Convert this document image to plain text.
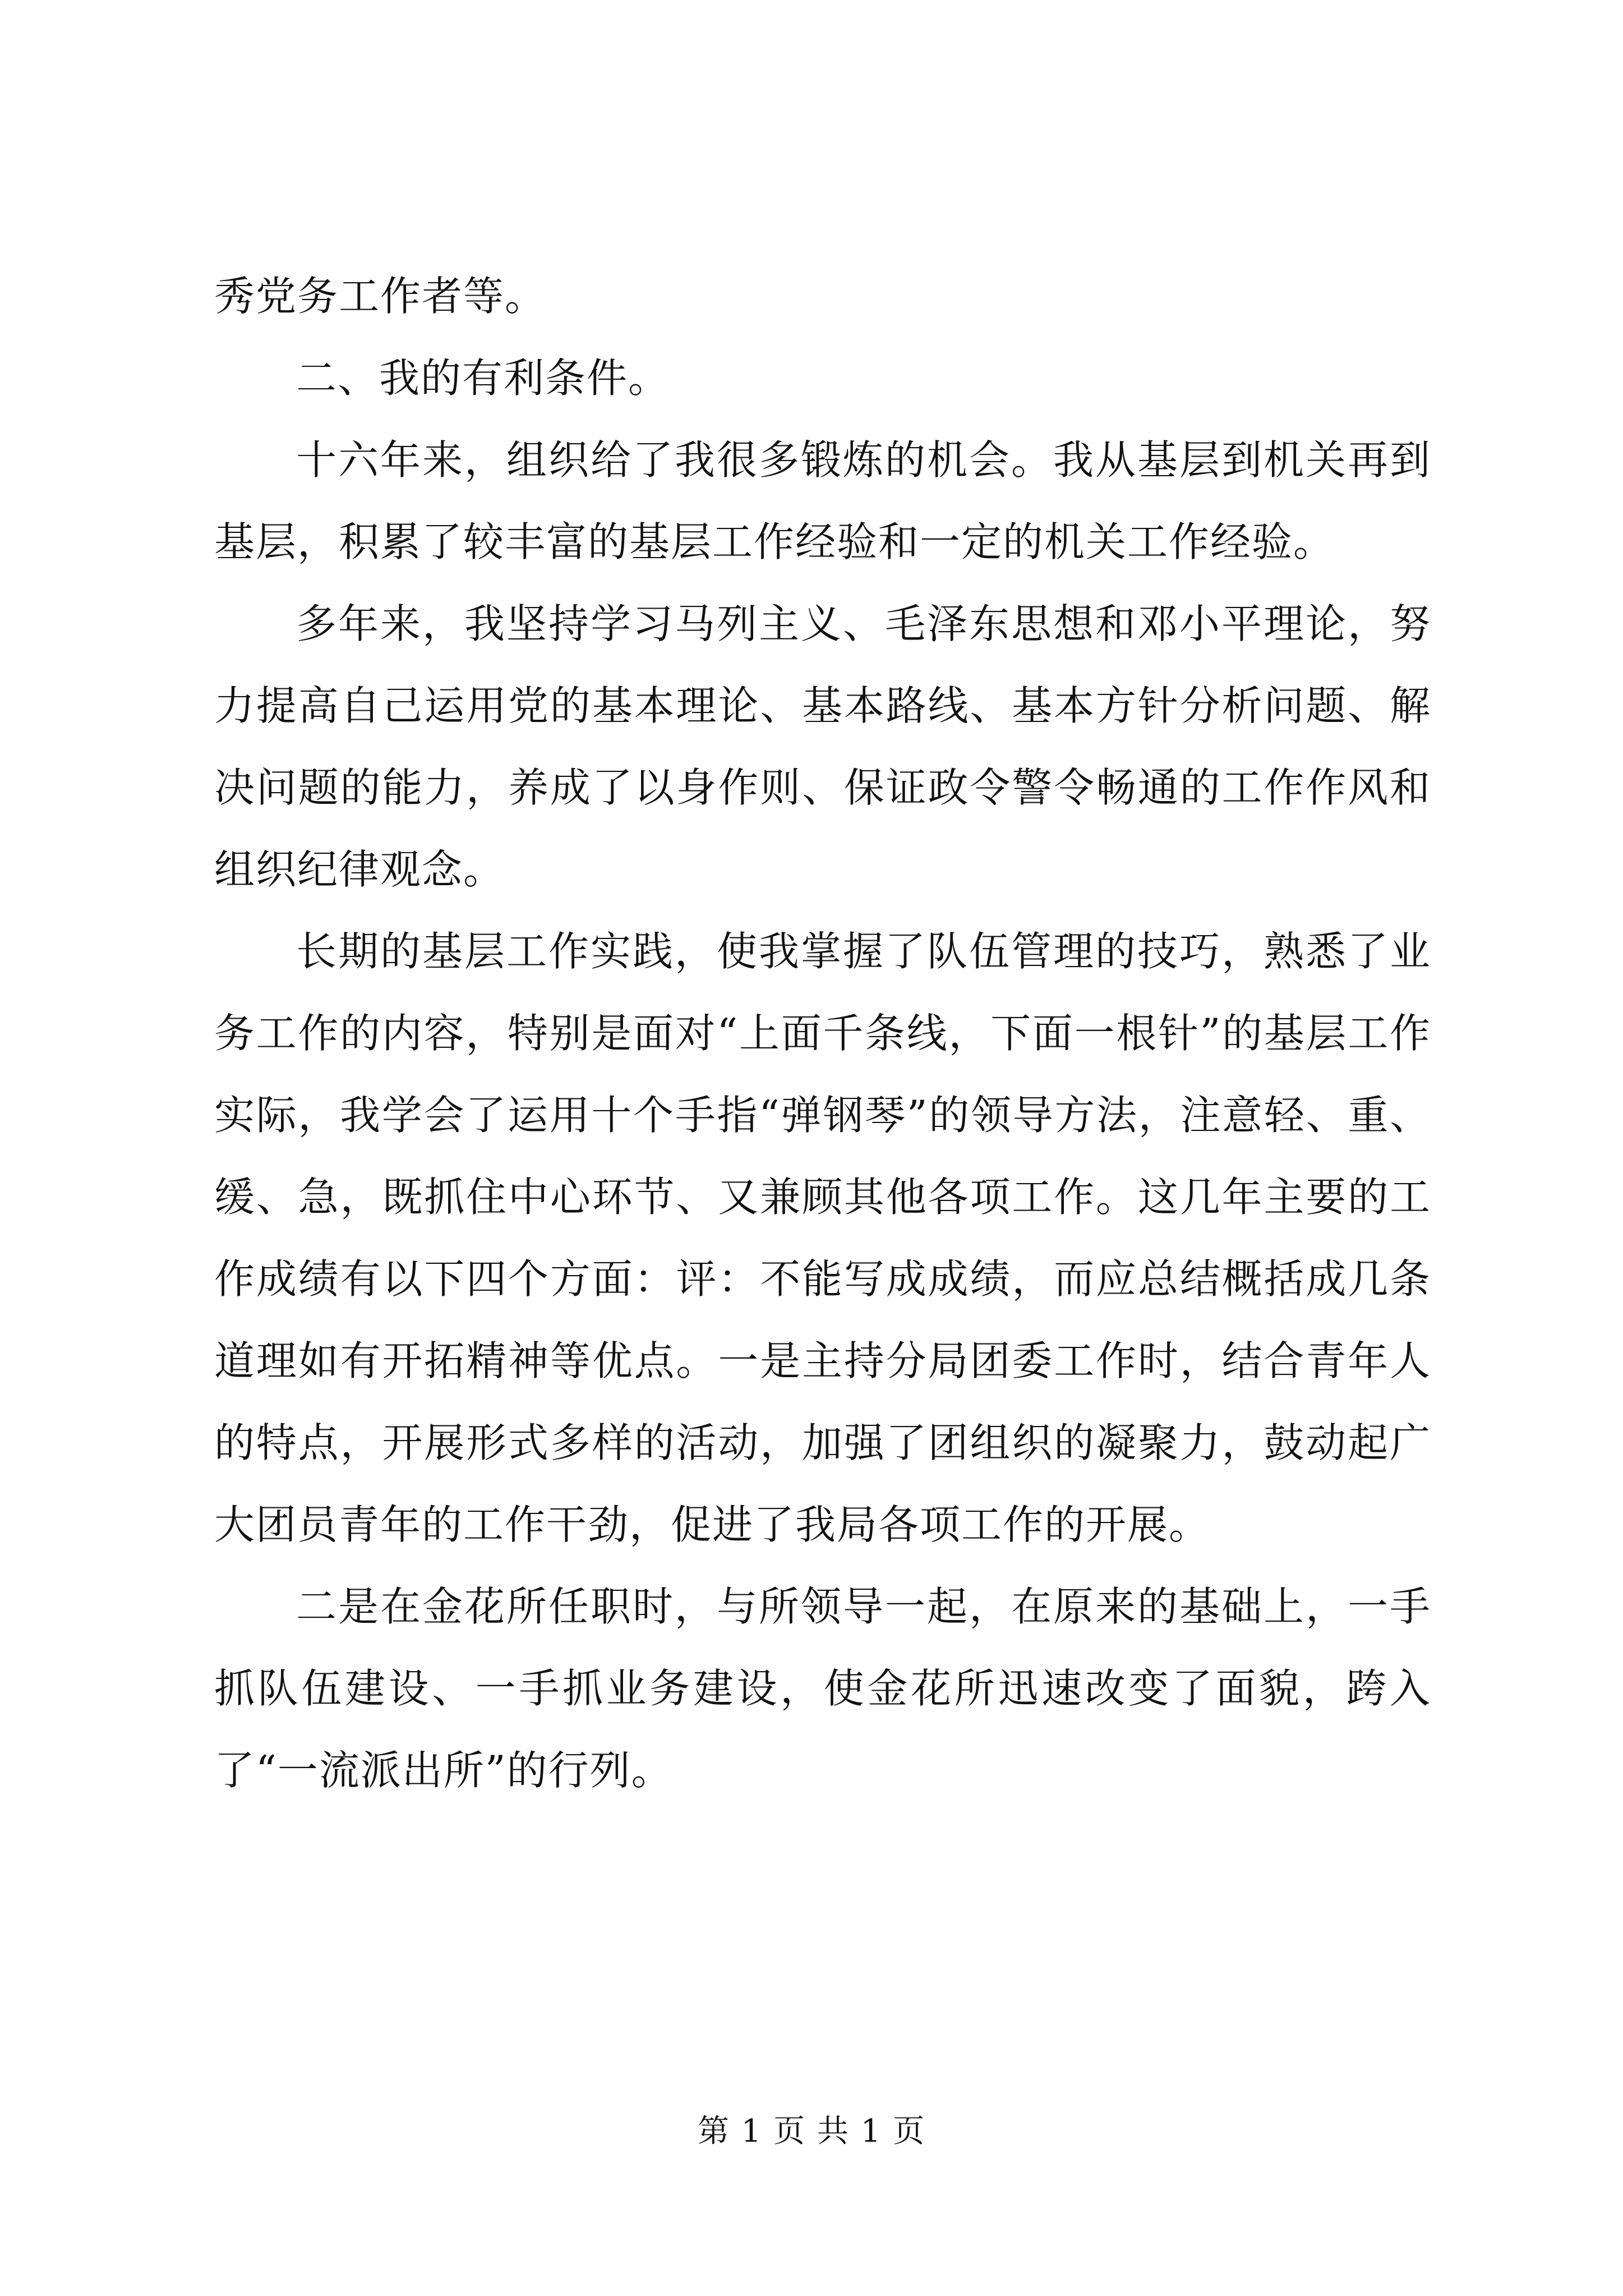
秀党务工作者等。

二、我的有利条件。

十六年来，组织给了我很多锻炼的机会。我从基层到机关再到基层，积累了较丰富的基层工作经验和一定的机关工作经验。

多年来，我坚持学习马列主义、毛泽东思想和邓小平理论，努力提高自己运用党的基本理论、基本路线、基本方针分析问题、解决问题的能力，养成了以身作则、保证政令警令畅通的工作作风和组织纪律观念。

长期的基层工作实践，使我掌握了队伍管理的技巧，熟悉了业务工作的内容，特别是面对“上面千条线，下面一根针”的基层工作实际，我学会了运用十个手指“弹钢琴”的领导方法，注意轻、重、缓、急，既抓住中心环节、又兼顾其他各项工作。这几年主要的工作成绩有以下四个方面：评：不能写成成绩，而应总结概括成几条道理如有开拓精神等优点。一是主持分局团委工作时，结合青年人的特点，开展形式多样的活动，加强了团组织的凝聚力，鼓动起广大团员青年的工作干劲，促进了我局各项工作的开展。

二是在金花所任职时，与所领导一起，在原来的基础上，一手抓队伍建设、一手抓业务建设，使金花所迅速改变了面貌，跨入了“一流派出所”的行列。

第 1 页 共 1 页
